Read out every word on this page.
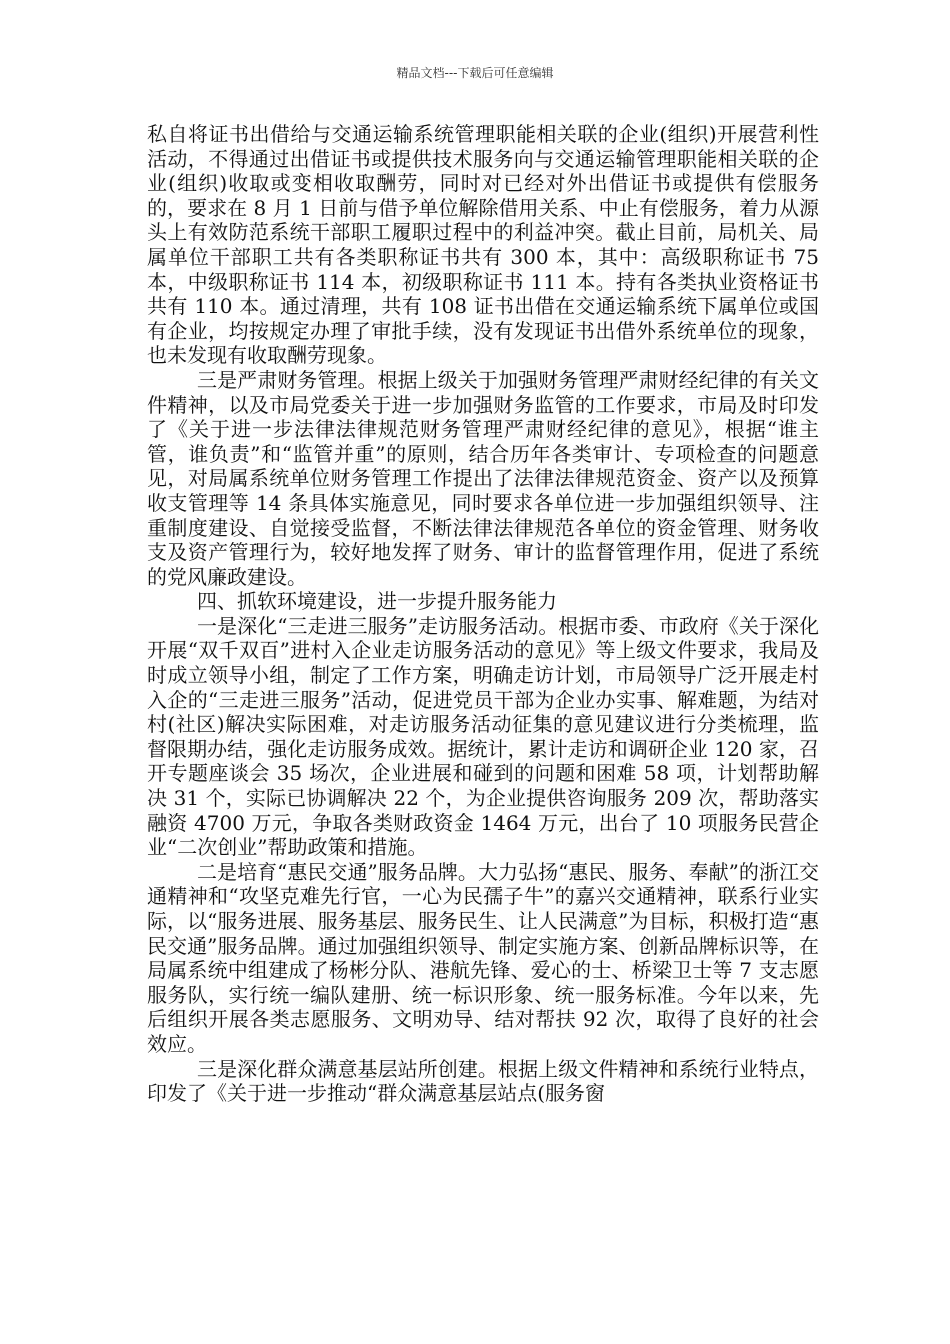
精品文档---下载后可任意编辑

私自将证书出借给与交通运输系统管理职能相关联的企业(组织)开展营利性活动，不得通过出借证书或提供技术服务向与交通运输管理职能相关联的企业(组织)收取或变相收取酬劳，同时对已经对外出借证书或提供有偿服务的，要求在 8 月 1 日前与借予单位解除借用关系、中止有偿服务，着力从源头上有效防范系统干部职工履职过程中的利益冲突。截止目前，局机关、局属单位干部职工共有各类职称证书共有 300 本，其中：高级职称证书 75 本，中级职称证书 114 本，初级职称证书 111 本。持有各类执业资格证书共有 110 本。通过清理，共有 108 证书出借在交通运输系统下属单位或国有企业，均按规定办理了审批手续，没有发现证书出借外系统单位的现象，也未发现有收取酬劳现象。

三是严肃财务管理。根据上级关于加强财务管理严肃财经纪律的有关文件精神，以及市局党委关于进一步加强财务监管的工作要求，市局及时印发了《关于进一步法律法律规范财务管理严肃财经纪律的意见》，根据“谁主管，谁负责”和“监管并重”的原则，结合历年各类审计、专项检查的问题意见，对局属系统单位财务管理工作提出了法律法律规范资金、资产以及预算收支管理等 14 条具体实施意见，同时要求各单位进一步加强组织领导、注重制度建设、自觉接受监督，不断法律法律规范各单位的资金管理、财务收支及资产管理行为，较好地发挥了财务、审计的监督管理作用，促进了系统的党风廉政建设。

四、抓软环境建设，进一步提升服务能力

一是深化“三走进三服务”走访服务活动。根据市委、市政府《关于深化开展“双千双百”进村入企业走访服务活动的意见》等上级文件要求，我局及时成立领导小组，制定了工作方案，明确走访计划，市局领导广泛开展走村入企的“三走进三服务”活动，促进党员干部为企业办实事、解难题，为结对村(社区)解决实际困难，对走访服务活动征集的意见建议进行分类梳理，监督限期办结，强化走访服务成效。据统计，累计走访和调研企业 120 家，召开专题座谈会 35 场次，企业进展和碰到的问题和困难 58 项，计划帮助解决 31 个，实际已协调解决 22 个，为企业提供咨询服务 209 次，帮助落实融资 4700 万元，争取各类财政资金 1464 万元，出台了 10 项服务民营企业“二次创业”帮助政策和措施。

二是培育“惠民交通”服务品牌。大力弘扬“惠民、服务、奉献”的浙江交通精神和“攻坚克难先行官，一心为民孺子牛”的嘉兴交通精神，联系行业实际，以“服务进展、服务基层、服务民生、让人民满意”为目标，积极打造“惠民交通”服务品牌。通过加强组织领导、制定实施方案、创新品牌标识等，在局属系统中组建成了杨彬分队、港航先锋、爱心的士、桥梁卫士等 7 支志愿服务队，实行统一编队建册、统一标识形象、统一服务标准。今年以来，先后组织开展各类志愿服务、文明劝导、结对帮扶 92 次，取得了良好的社会效应。

三是深化群众满意基层站所创建。根据上级文件精神和系统行业特点，印发了《关于进一步推动“群众满意基层站点(服务窗
